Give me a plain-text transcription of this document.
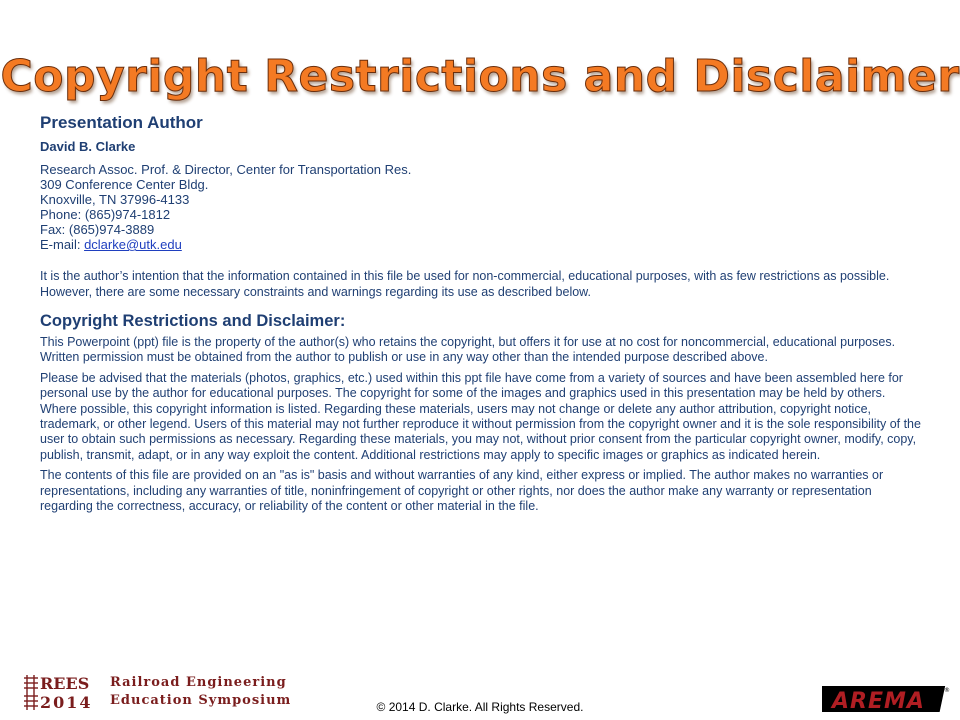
Copyright Restrictions and Disclaimer
Presentation Author
David B. Clarke
Research Assoc. Prof. & Director, Center for Transportation Res.
309 Conference Center Bldg.
Knoxville, TN 37996-4133
Phone: (865)974-1812
Fax: (865)974-3889
E-mail: dclarke@utk.edu
It is the author’s intention that the information contained in this file be used for non-commercial, educational purposes, with as few restrictions as possible. However, there are some necessary constraints and warnings regarding its use as described below.
Copyright Restrictions and Disclaimer:
This Powerpoint (ppt) file is the property of the author(s) who retains the copyright, but offers it for use at no cost for noncommercial, educational purposes. Written permission must be obtained from the author to publish or use in any way other than the intended purpose described above.
Please be advised that the materials (photos, graphics, etc.) used within this ppt file have come from a variety of sources and have been assembled here for personal use by the author for educational purposes. The copyright for some of the images and graphics used in this presentation may be held by others. Where possible, this copyright information is listed. Regarding these materials, users may not change or delete any author attribution, copyright notice, trademark, or other legend. Users of this material may not further reproduce it without permission from the copyright owner and it is the sole responsibility of the user to obtain such permissions as necessary. Regarding these materials, you may not, without prior consent from the particular copyright owner, modify, copy, publish, transmit, adapt, or in any way exploit the content. Additional restrictions may apply to specific images or graphics as indicated herein.
The contents of this file are provided on an "as is" basis and without warranties of any kind, either express or implied. The author makes no warranties or representations, including any warranties of title, noninfringement of copyright or other rights, nor does the author make any warranty or representation regarding the correctness, accuracy, or reliability of the content or other material in the file.
REES
2014
Railroad Engineering
Education Symposium	© 2014 D. Clarke. All Rights Reserved.	AREMA	®
